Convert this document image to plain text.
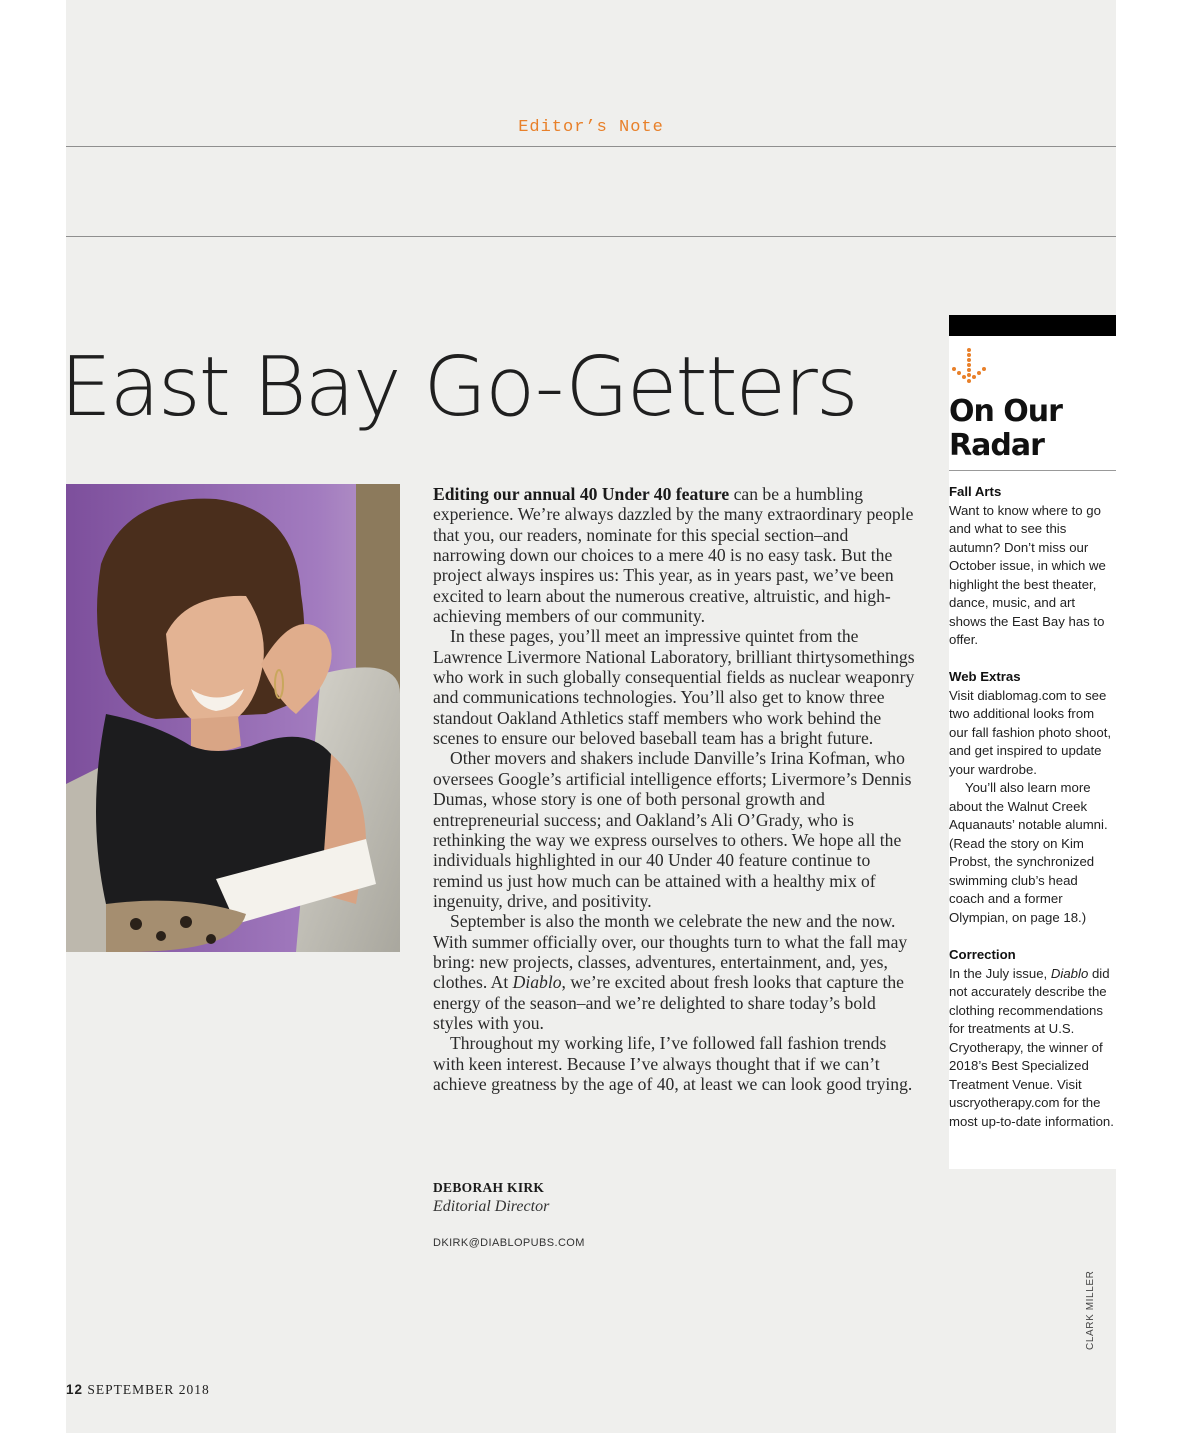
Editor’s Note
East Bay Go-Getters

Editing our annual 40 Under 40 feature can be a humbling experience. We’re always dazzled by the many extraordinary people that you, our readers, nominate for this special section–and narrowing down our choices to a mere 40 is no easy task. But the project always inspires us: This year, as in years past, we’ve been excited to learn about the numerous creative, altruistic, and high-achieving members of our community.

In these pages, you’ll meet an impressive quintet from the Lawrence Livermore National Laboratory, brilliant thirtysomethings who work in such globally consequential fields as nuclear weaponry and communications technologies. You’ll also get to know three standout Oakland Athletics staff members who work behind the scenes to ensure our beloved baseball team has a bright future.

Other movers and shakers include Danville’s Irina Kofman, who oversees Google’s artificial intelligence efforts; Livermore’s Dennis Dumas, whose story is one of both personal growth and entrepreneurial success; and Oakland’s Ali O’Grady, who is rethinking the way we express ourselves to others. We hope all the individuals highlighted in our 40 Under 40 feature continue to remind us just how much can be attained with a healthy mix of ingenuity, drive, and positivity.

September is also the month we celebrate the new and the now. With summer officially over, our thoughts turn to what the fall may bring: new projects, classes, adventures, entertainment, and, yes, clothes. At Diablo, we’re excited about fresh looks that capture the energy of the season–and we’re delighted to share today’s bold styles with you.

Throughout my working life, I’ve followed fall fashion trends with keen interest. Because I’ve always thought that if we can’t achieve greatness by the age of 40, at least we can look good trying.

DEBORAH KIRK
Editorial Director
DKIRK@DIABLOPUBS.COM
On Our
Radar

Fall Arts

Want to know where to go and what to see this autumn? Don’t miss our October issue, in which we highlight the best theater, dance, music, and art shows the East Bay has to offer.

Web Extras

Visit diablomag.com to see two additional looks from our fall fashion photo shoot, and get inspired to update your wardrobe.

You’ll also learn more about the Walnut Creek Aquanauts’ notable alumni. (Read the story on Kim Probst, the synchronized swimming club’s head coach and a former Olympian, on page 18.)

Correction

In the July issue, Diablo did not accurately describe the clothing recommendations for treatments at U.S. Cryotherapy, the winner of 2018’s Best Specialized Treatment Venue. Visit uscryotherapy.com for the most up-to-date information.

CLARK MILLER
12 SEPTEMBER 2018
